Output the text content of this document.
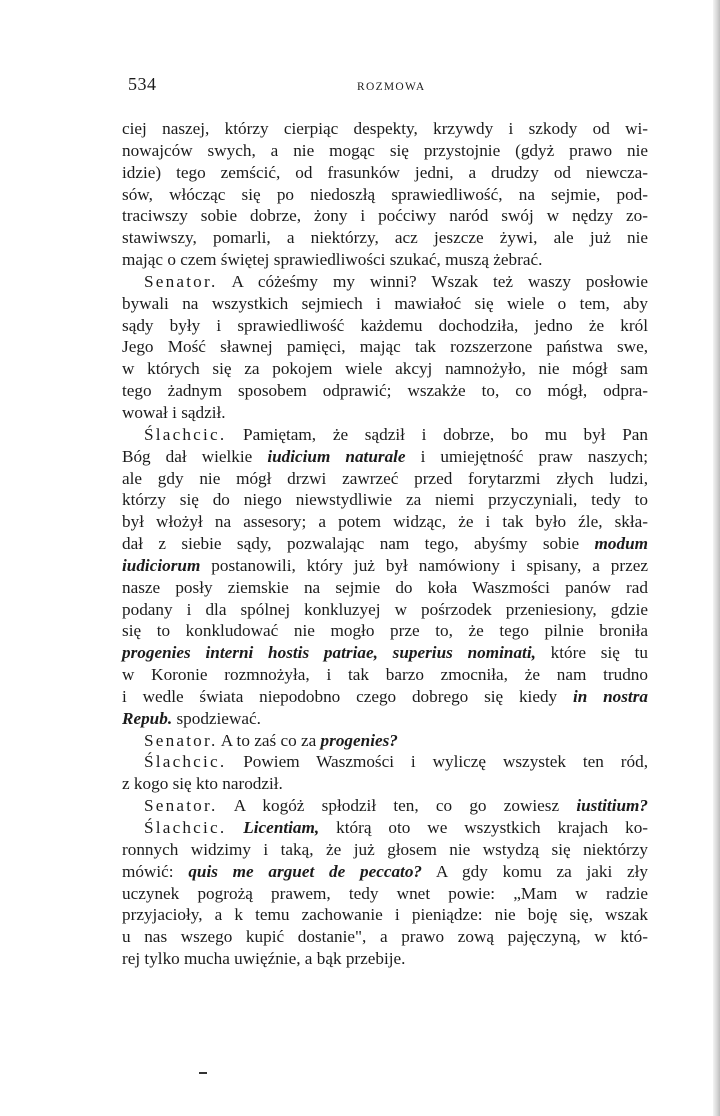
534	ROZMOWA
ciej naszej, którzy cierpiąc despekty, krzywdy i szkody od wi-
nowajców swych, a nie mogąc się przystojnie (gdyż prawo nie
idzie) tego zemścić, od frasunków jedni, a drudzy od niewcza-
sów, włócząc się po niedoszłą sprawiedliwość, na sejmie, pod-
traciwszy sobie dobrze, żony i poćciwy naród swój w nędzy zo-
stawiwszy, pomarli, a niektórzy, acz jeszcze żywi, ale już nie
mając o czem świętej sprawiedliwości szukać, muszą żebrać.
Senator. A cóżeśmy my winni? Wszak też waszy posłowie
bywali na wszystkich sejmiech i mawiałoć się wiele o tem, aby
sądy były i sprawiedliwość każdemu dochodziła, jedno że król
Jego Mość sławnej pamięci, mając tak rozszerzone państwa swe,
w których się za pokojem wiele akcyj namnożyło, nie mógł sam
tego żadnym sposobem odprawić; wszakże to, co mógł, odpra-
wował i sądził.
Ślachcic. Pamiętam, że sądził i dobrze, bo mu był Pan
Bóg dał wielkie iudicium naturale i umiejętność praw naszych;
ale gdy nie mógł drzwi zawrzeć przed forytarzmi złych ludzi,
którzy się do niego niewstydliwie za niemi przyczyniali, tedy to
był włożył na assesory; a potem widząc, że i tak było źle, skła-
dał z siebie sądy, pozwalając nam tego, abyśmy sobie modum
iudiciorum postanowili, który już był namówiony i spisany, a przez
nasze posły ziemskie na sejmie do koła Waszmości panów rad
podany i dla spólnej konkluzyej w pośrzodek przeniesiony, gdzie
się to konkludować nie mogło prze to, że tego pilnie broniła
progenies interni hostis patriae, superius nominati, które się tu
w Koronie rozmnożyła, i tak barzo zmocniła, że nam trudno
i wedle świata niepodobno czego dobrego się kiedy in nostra
Repub. spodziewać.
Senator. A to zaś co za progenies?
Ślachcic. Powiem Waszmości i wyliczę wszystek ten ród,
z kogo się kto narodził.
Senator. A kogóż spłodził ten, co go zowiesz iustitium?
Ślachcic.
Licentiam, którą oto we wszystkich krajach ko-
ronnych widzimy i taką, że już głosem nie wstydzą się niektórzy
mówić: quis me arguet de peccato? A gdy komu za jaki zły
uczynek pogrożą prawem, tedy wnet powie: „Mam w radzie
przyjacioły, a k temu zachowanie i pieniądze: nie boję się, wszak
u nas wszego kupić dostanie", a prawo zową pajęczyną, w któ-
rej tylko mucha uwięźnie, a bąk przebije.
